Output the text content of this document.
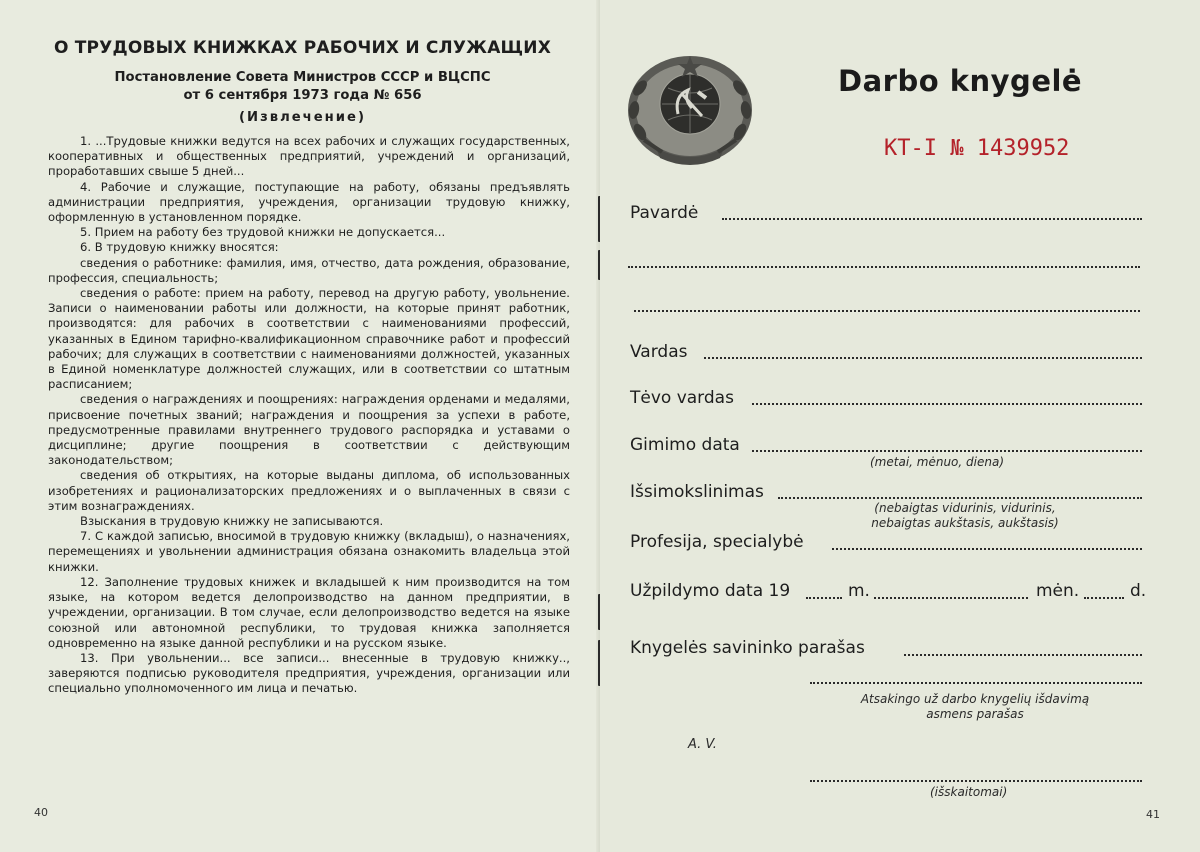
О ТРУДОВЫХ КНИЖКАХ РАБОЧИХ И СЛУЖАЩИХ
Постановление Совета Министров СССР и ВЦСПС
от 6 сентября 1973 года № 656
(Извлечение)

1. ...Трудовые книжки ведутся на всех рабочих и служащих государственных, кооперативных и общественных предприятий, учреждений и организаций, проработавших свыше 5 дней...

4. Рабочие и служащие, поступающие на работу, обязаны предъявлять администрации предприятия, учреждения, организации трудовую книжку, оформленную в установленном порядке.

5. Прием на работу без трудовой книжки не допускается...

6. В трудовую книжку вносятся:

сведения о работнике: фамилия, имя, отчество, дата рождения, образование, профессия, специальность;

сведения о работе: прием на работу, перевод на другую работу, увольнение. Записи о наименовании работы или должности, на которые принят работник, производятся: для рабочих в соответствии с наименованиями профессий, указанных в Едином тарифно-квалификационном справочнике работ и профессий рабочих; для служащих в соответствии с наименованиями должностей, указанных в Единой номенклатуре должностей служащих, или в соответствии со штатным расписанием;

сведения о награждениях и поощрениях: награждения орденами и медалями, присвоение почетных званий; награждения и поощрения за успехи в работе, предусмотренные правилами внутреннего трудового распорядка и уставами о дисциплине; другие поощрения в соответствии с действующим законодательством;

сведения об открытиях, на которые выданы диплома, об использованных изобретениях и рационализаторских предложениях и о выплаченных в связи с этим вознаграждениях.

Взыскания в трудовую книжку не записываются.

7. С каждой записью, вносимой в трудовую книжку (вкладыш), о назначениях, перемещениях и увольнении администрация обязана ознакомить владельца этой книжки.

12. Заполнение трудовых книжек и вкладышей к ним производится на том языке, на котором ведется делопроизводство на данном предприятии, в учреждении, организации. В том случае, если делопроизводство ведется на языке союзной или автономной республики, то трудовая книжка заполняется одновременно на языке данной республики и на русском языке.

13. При увольнении... все записи... внесенные в трудовую книжку.., заверяются подписью руководителя предприятия, учреждения, организации или специально уполномоченного им лица и печатью.

40
Darbo knygelė
КТ-I № 1439952
Pavardė
Vardas
Tėvo vardas
Gimimo data
(metai, mėnuo, diena)
Išsimokslinimas
(nebaigtas vidurinis, vidurinis,
nebaigtas aukštasis, aukštasis)
Profesija, specialybė
Užpildymo data 19	m.	mėn.	d.
Knygelės savininko parašas
Atsakingo už darbo knygelių išdavimą
asmens parašas
A. V.
(išskaitomai)
41
